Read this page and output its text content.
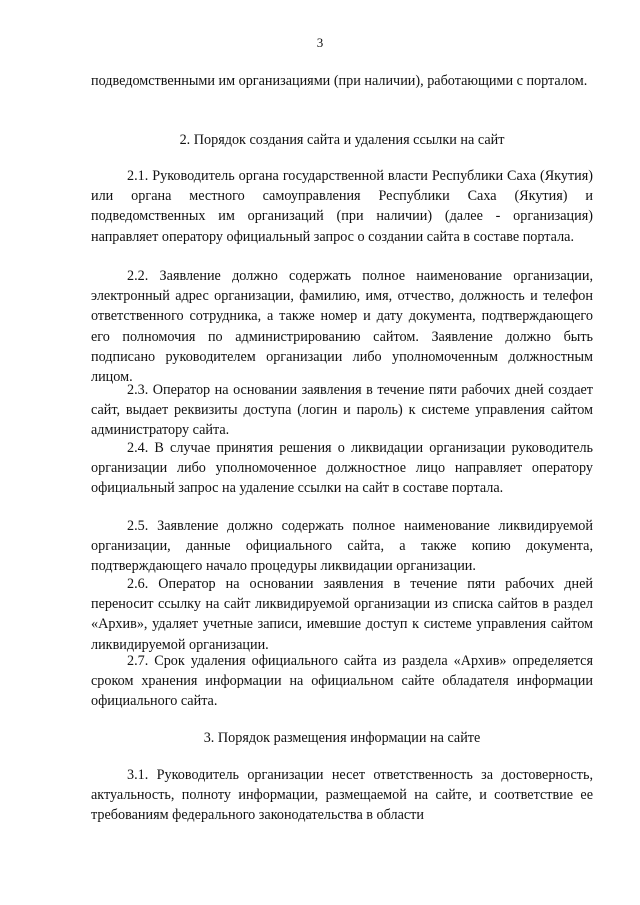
3

подведомственными им организациями (при наличии), работающими с порталом.

2. Порядок создания сайта и удаления ссылки на сайт

2.1. Руководитель органа государственной власти Республики Саха (Якутия) или органа местного самоуправления Республики Саха (Якутия) и подведомственных им организаций (при наличии) (далее - организация) направляет оператору официальный запрос о создании сайта в составе портала.

2.2. Заявление должно содержать полное наименование организации, электронный адрес организации, фамилию, имя, отчество, должность и телефон ответственного сотрудника, а также номер и дату документа, подтверждающего его полномочия по администрированию сайтом. Заявление должно быть подписано руководителем организации либо уполномоченным должностным лицом.

2.3. Оператор на основании заявления в течение пяти рабочих дней создает сайт, выдает реквизиты доступа (логин и пароль) к системе управления сайтом администратору сайта.

2.4. В случае принятия решения о ликвидации организации руководитель организации либо уполномоченное должностное лицо направляет оператору официальный запрос на удаление ссылки на сайт в составе портала.

2.5. Заявление должно содержать полное наименование ликвидируемой организации, данные официального сайта, а также копию документа, подтверждающего начало процедуры ликвидации организации.

2.6. Оператор на основании заявления в течение пяти рабочих дней переносит ссылку на сайт ликвидируемой организации из списка сайтов в раздел «Архив», удаляет учетные записи, имевшие доступ к системе управления сайтом ликвидируемой организации.

2.7. Срок удаления официального сайта из раздела «Архив» определяется сроком хранения информации на официальном сайте обладателя информации официального сайта.

3. Порядок размещения информации на сайте

3.1. Руководитель организации несет ответственность за достоверность, актуальность, полноту информации, размещаемой на сайте, и соответствие ее требованиям федерального законодательства в области
